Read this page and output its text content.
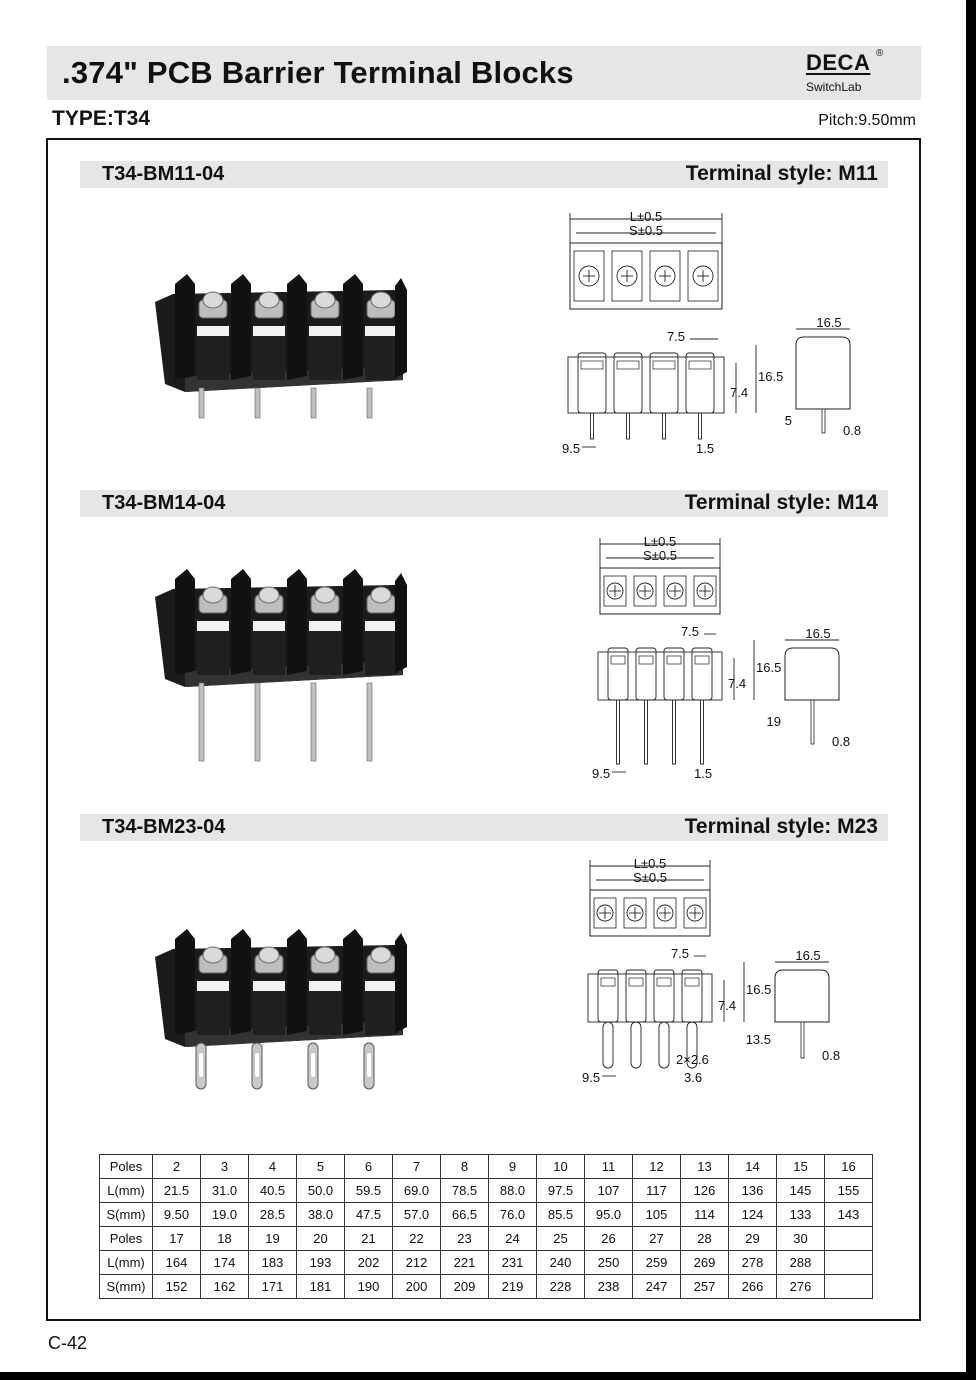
.374" PCB Barrier Terminal Blocks	DECA ®
SwitchLab
TYPE:T34	Pitch:9.50mm
T34-BM11-04	Terminal style: M11
L±0.5
S±0.5
16.5
7.4
7.5
9.5	1.5
16.5
5
0.8
T34-BM14-04	Terminal style: M14
L±0.5
S±0.5
16.5
7.4
7.5
9.5	1.5
16.5
19
0.8
T34-BM23-04	Terminal style: M23
L±0.5
S±0.5
16.5
7.4
7.5
9.5	3.6
2×2.6
16.5
13.5
0.8
Poles	2	3	4	5	6	7	8	9	10	11	12	13	14	15	16
L(mm)	21.5	31.0	40.5	50.0	59.5	69.0	78.5	88.0	97.5	107	117	126	136	145	155
S(mm)	9.50	19.0	28.5	38.0	47.5	57.0	66.5	76.0	85.5	95.0	105	114	124	133	143
Poles	17	18	19	20	21	22	23	24	25	26	27	28	29	30	
L(mm)	164	174	183	193	202	212	221	231	240	250	259	269	278	288	
S(mm)	152	162	171	181	190	200	209	219	228	238	247	257	266	276	
C-42
